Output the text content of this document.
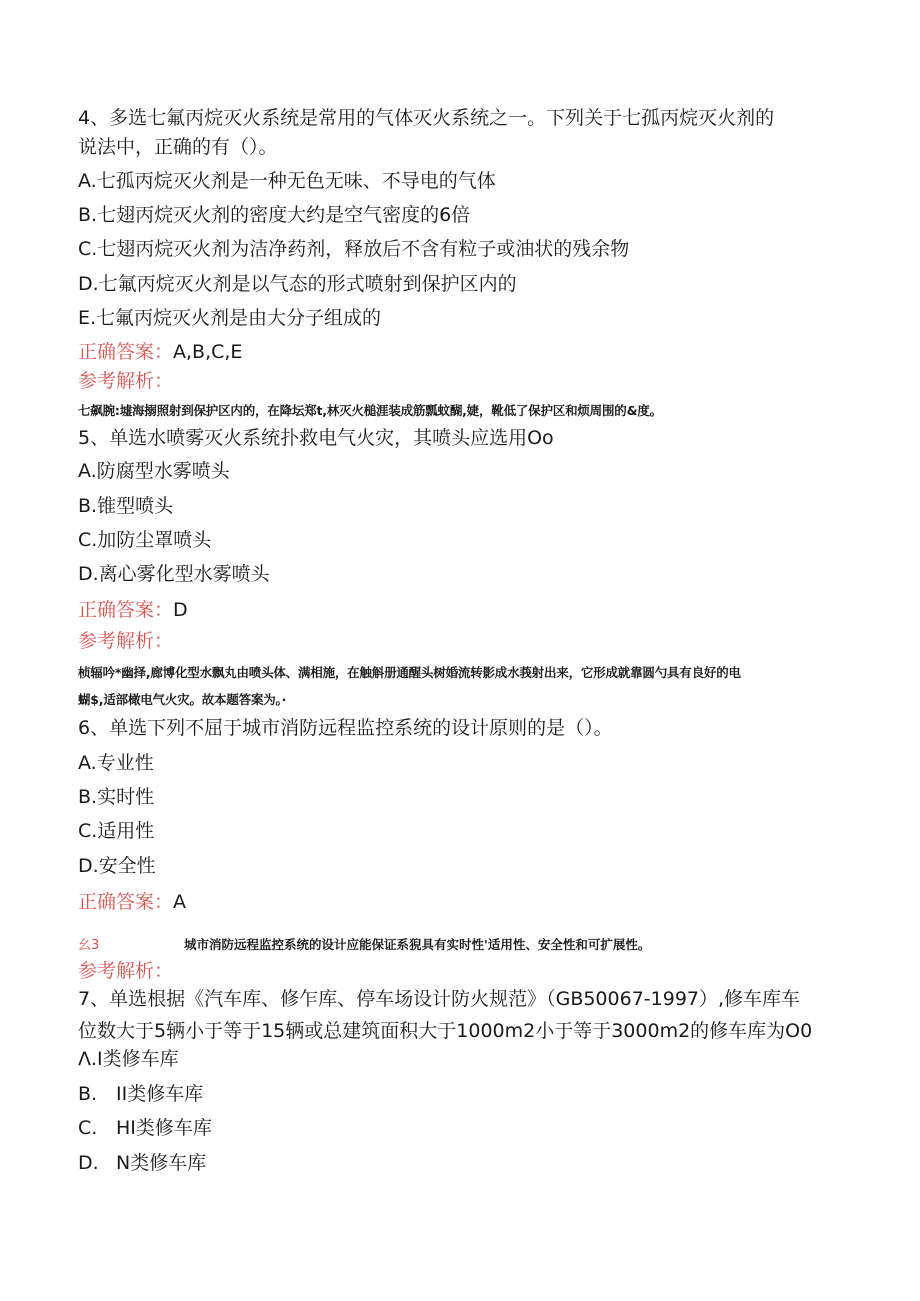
4、多选七氟丙烷灭火系统是常用的气体灭火系统之一。下列关于七孤丙烷灭火剂的
说法中，正确的有（）。
A.七孤丙烷灭火剂是一种无色无味、不导电的气体
B.七翅丙烷灭火剂的密度大约是空气密度的6倍
C.七翅丙烷灭火剂为洁净药剂，释放后不含有粒子或油状的残余物
D.七氟丙烷灭火剂是以气态的形式喷射到保护区内的
E.七氟丙烷灭火剂是由大分子组成的
正确答案：A,B,C,E
参考解析：
七飙腕:墟海搦照射到保护区内的，在降坛郑t,林灭火槌涯装成筋瓢蚊醐,婕，靴低了保护区和烦周围的&度。
5、单选水喷雾灭火系统扑救电气火灾，其喷头应选用Oo
A.防腐型水雾喷头
B.锥型喷头
C.加防尘罩喷头
D.离心雾化型水雾喷头
正确答案：D
参考解析：
桢辐吟*幽择,廊博化型水飘丸由喷头体、满相施，在触斛册通醒头树婚流转影成水莪射出来，它形成就靠圆勺具有良好的电
蝴$,适部橄电气火灾。故本题答案为。·
6、单选下列不屈于城市消防远程监控系统的设计原则的是（）。
A.专业性
B.实时性
C.适用性
D.安全性
正确答案：A
幺3	城市消防远程监控系统的设计应能保证系猊具有实时性'适用性、安全性和可扩展性。
参考解析：
7、单选根据《汽车库、修乍库、停车场设计防火规范》（GB50067-1997）,修车库车
位数大于5辆小于等于15辆或总建筑面积大于1000m2小于等于3000m2的修车库为O0
Λ.I类修车库
B. II类修车库
C. HI类修车库
D. N类修车库
